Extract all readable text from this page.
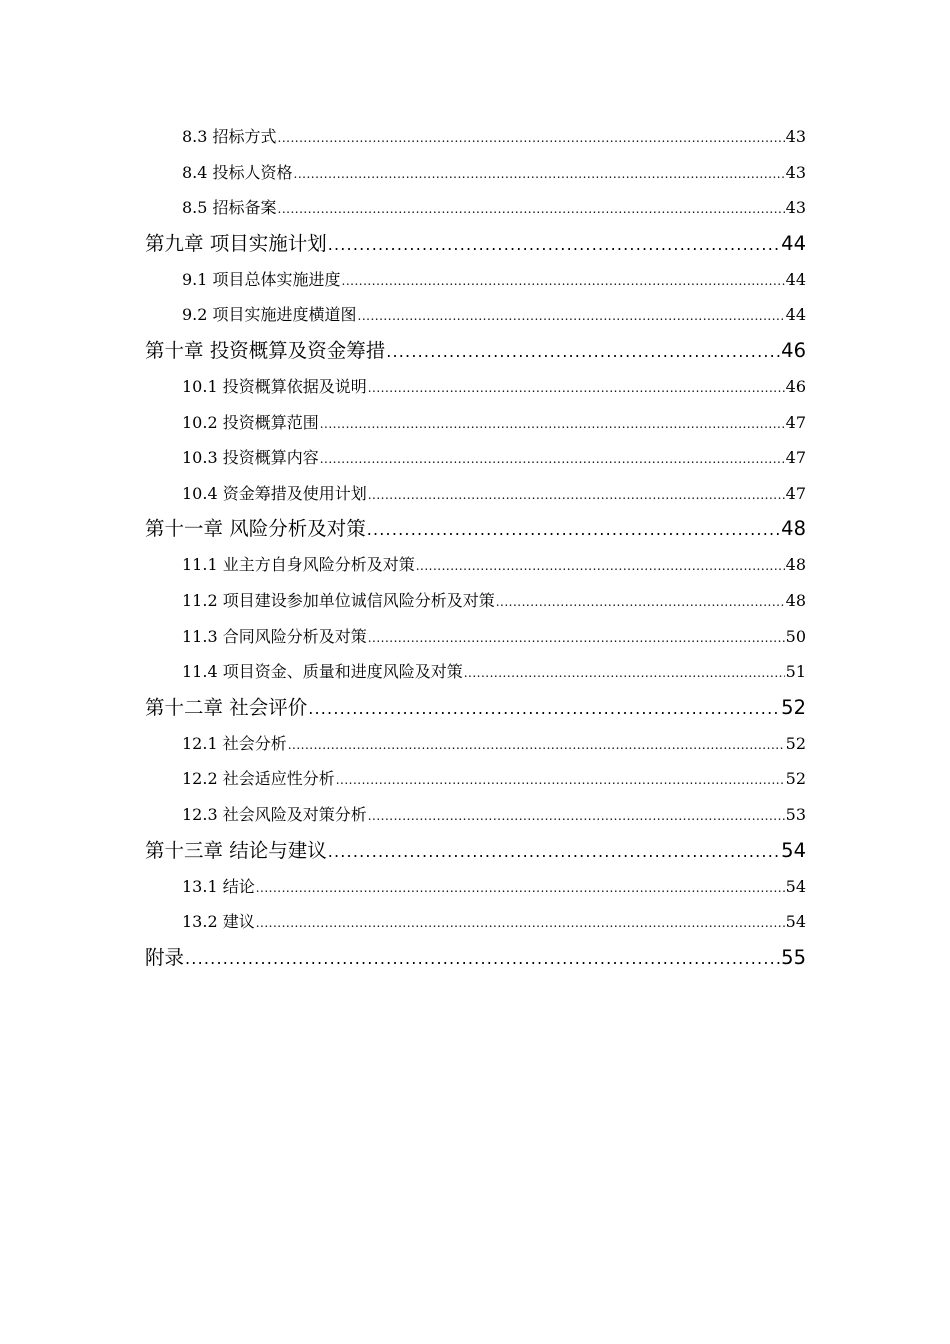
8.3 招标方式 .....	43
8.4 投标人资格 .....	43
8.5 招标备案 .....	43
第九章 项目实施计划 .....	44
9.1 项目总体实施进度 .....	44
9.2 项目实施进度横道图 .....	44
第十章 投资概算及资金筹措 .....	46
10.1 投资概算依据及说明 .....	46
10.2 投资概算范围 .....	47
10.3 投资概算内容 .....	47
10.4 资金筹措及使用计划 .....	47
第十一章 风险分析及对策 .....	48
11.1 业主方自身风险分析及对策 .....	48
11.2 项目建设参加单位诚信风险分析及对策 .....	48
11.3 合同风险分析及对策 .....	50
11.4 项目资金、质量和进度风险及对策 .....	51
第十二章 社会评价 .....	52
12.1 社会分析 .....	52
12.2 社会适应性分析 .....	52
12.3 社会风险及对策分析 .....	53
第十三章 结论与建议 .....	54
13.1 结论 .....	54
13.2 建议 .....	54
附录 .....	55
